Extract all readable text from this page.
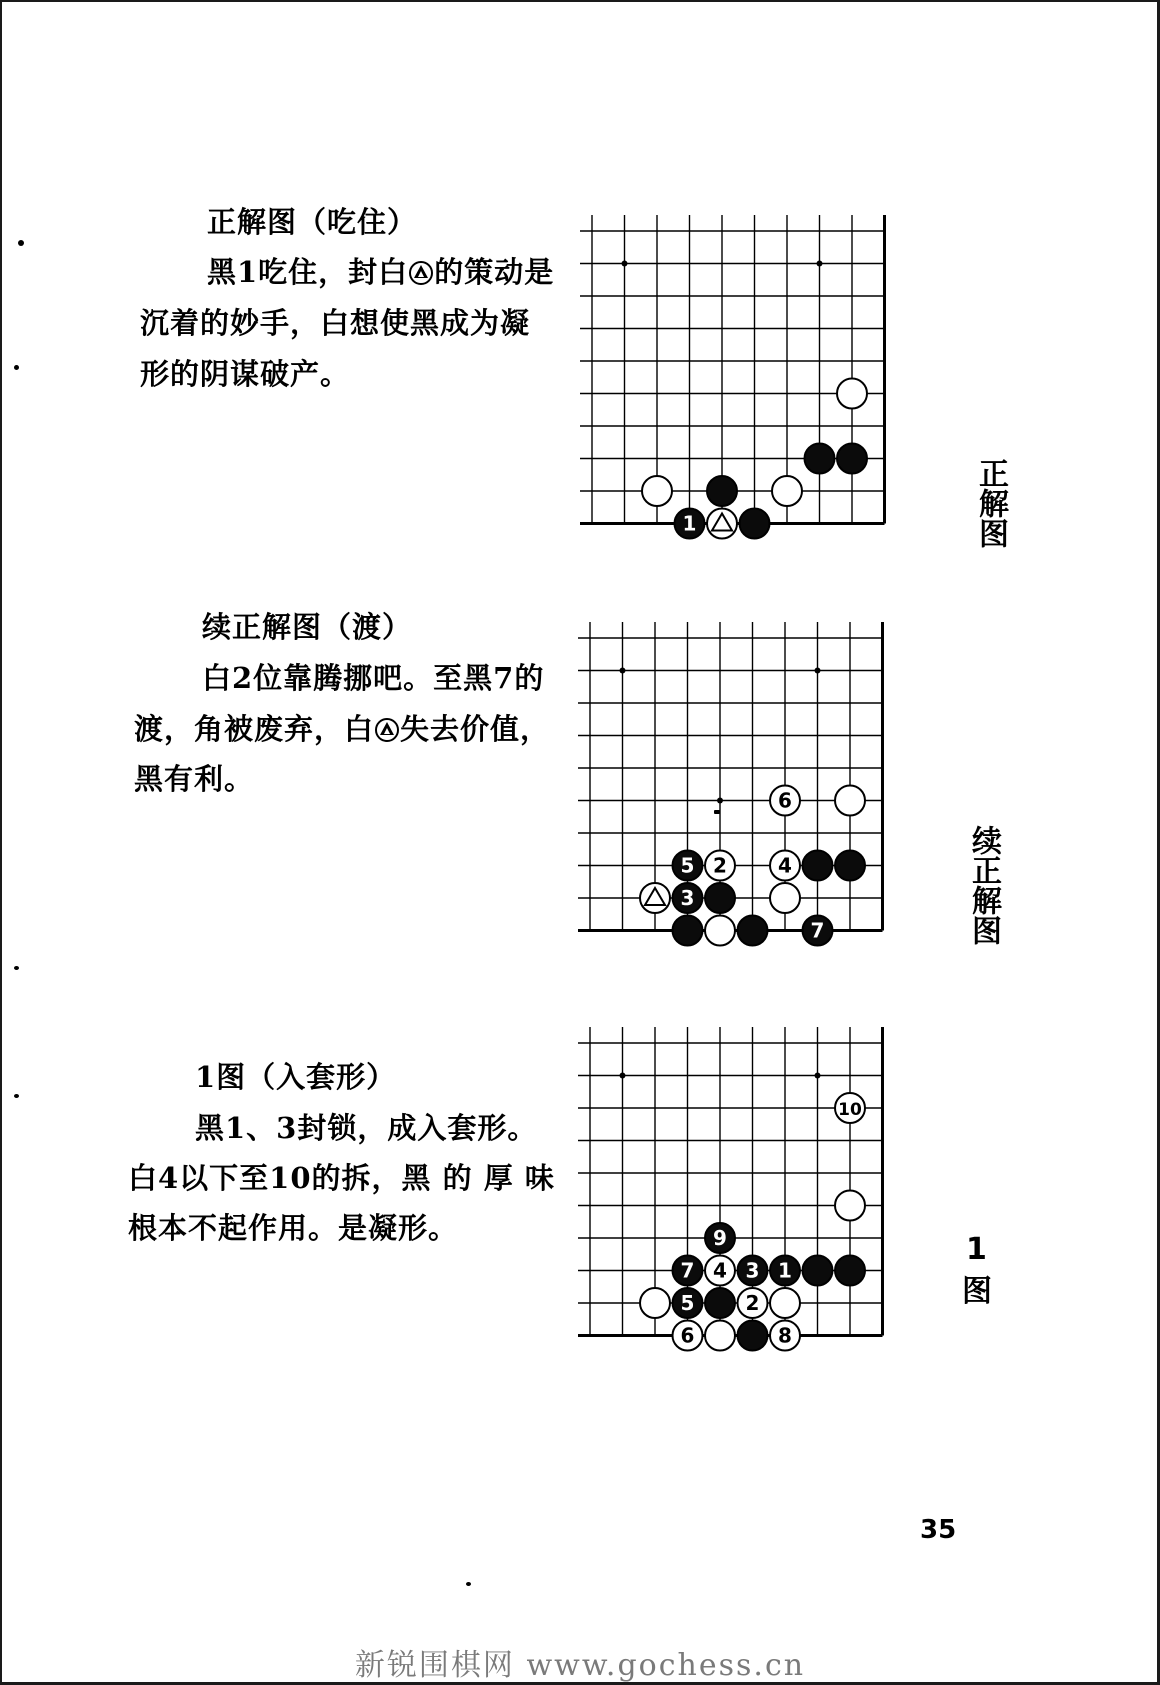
正解图（吃住）
黑1吃住，封白 的策动是
沉着的妙手，白想使黑成为凝
形的阴谋破产。
1	正解图
续正解图（渡）
白2位靠腾挪吧。至黑7的
渡，角被废弃，白 失去价值，
黑有利。
6
5 2	4
3
7	续正解图
1图（入套形）
黑1、3封锁，成入套形。
白4以下至10的拆，黑 的 厚 味
根本不起作用。是凝形。
10
9
7 4 3 1
5	2
6	8
1
图
35
新锐围棋网 www.gochess.cn
